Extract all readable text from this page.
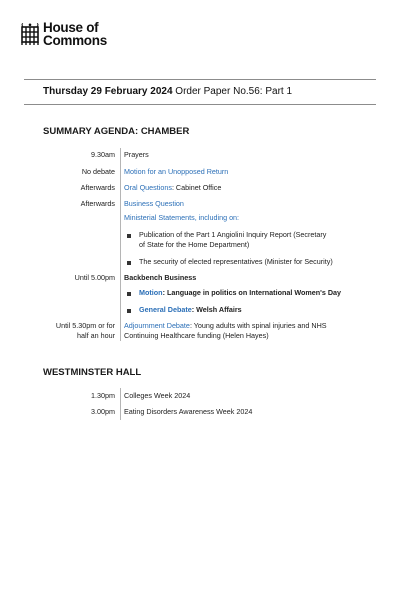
House of
Commons
Thursday 29 February 2024 Order Paper No.56: Part 1
SUMMARY AGENDA: CHAMBER
9.30am Prayers
No debate Motion for an Unopposed Return
Afterwards Oral Questions: Cabinet Office
Afterwards Business Question
Ministerial Statements, including on:
Publication of the Part 1 Angiolini Inquiry Report (Secretary
of State for the Home Department)
The security of elected representatives (Minister for Security)
Until 5.00pm Backbench Business
Motion: Language in politics on International Women's Day
General Debate: Welsh Affairs
Until 5.30pm or for
half an hour
Adjournment Debate: Young adults with spinal injuries and NHS
Continuing Healthcare funding (Helen Hayes)
WESTMINSTER HALL
1.30pm Colleges Week 2024
3.00pm Eating Disorders Awareness Week 2024
